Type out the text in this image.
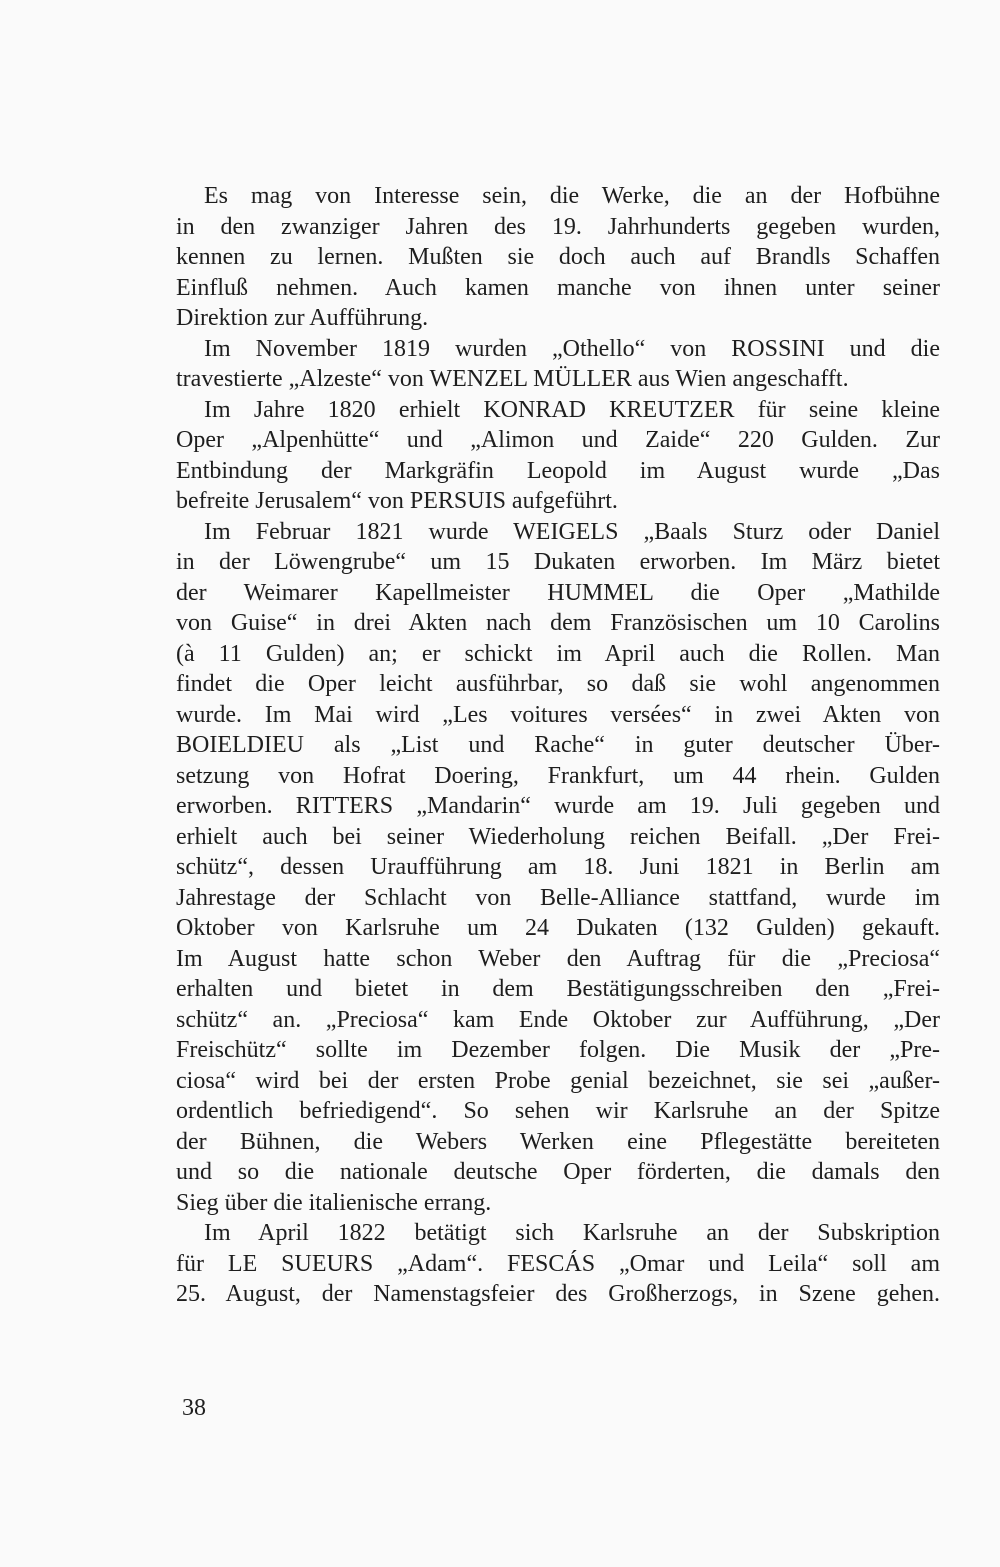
Es mag von Interesse sein, die Werke, die an der Hofbühne
in den zwanziger Jahren des 19. Jahrhunderts gegeben wurden,
kennen zu lernen. Mußten sie doch auch auf Brandls Schaffen
Einfluß nehmen. Auch kamen manche von ihnen unter seiner
Direktion zur Aufführung.
Im November 1819 wurden „Othello“ von ROSSINI und die
travestierte „Alzeste“ von WENZEL MÜLLER aus Wien angeschafft.
Im Jahre 1820 erhielt KONRAD KREUTZER für seine kleine
Oper „Alpenhütte“ und „Alimon und Zaide“ 220 Gulden. Zur
Entbindung der Markgräfin Leopold im August wurde „Das
befreite Jerusalem“ von PERSUIS aufgeführt.
Im Februar 1821 wurde WEIGELS „Baals Sturz oder Daniel
in der Löwengrube“ um 15 Dukaten erworben. Im März bietet
der Weimarer Kapellmeister HUMMEL die Oper „Mathilde
von Guise“ in drei Akten nach dem Französischen um 10 Carolins
(à 11 Gulden) an; er schickt im April auch die Rollen. Man
findet die Oper leicht ausführbar, so daß sie wohl angenommen
wurde. Im Mai wird „Les voitures versées“ in zwei Akten von
BOIELDIEU als „List und Rache“ in guter deutscher Über-
setzung von Hofrat Doering, Frankfurt, um 44 rhein. Gulden
erworben. RITTERS „Mandarin“ wurde am 19. Juli gegeben und
erhielt auch bei seiner Wiederholung reichen Beifall. „Der Frei-
schütz“, dessen Uraufführung am 18. Juni 1821 in Berlin am
Jahrestage der Schlacht von Belle-Alliance stattfand, wurde im
Oktober von Karlsruhe um 24 Dukaten (132 Gulden) gekauft.
Im August hatte schon Weber den Auftrag für die „Preciosa“
erhalten und bietet in dem Bestätigungsschreiben den „Frei-
schütz“ an. „Preciosa“ kam Ende Oktober zur Aufführung, „Der
Freischütz“ sollte im Dezember folgen. Die Musik der „Pre-
ciosa“ wird bei der ersten Probe genial bezeichnet, sie sei „außer-
ordentlich befriedigend“. So sehen wir Karlsruhe an der Spitze
der Bühnen, die Webers Werken eine Pflegestätte bereiteten
und so die nationale deutsche Oper förderten, die damals den
Sieg über die italienische errang.
Im April 1822 betätigt sich Karlsruhe an der Subskription
für LE SUEURS „Adam“. FESCÁS „Omar und Leila“ soll am
25. August, der Namenstagsfeier des Großherzogs, in Szene gehen.
38
